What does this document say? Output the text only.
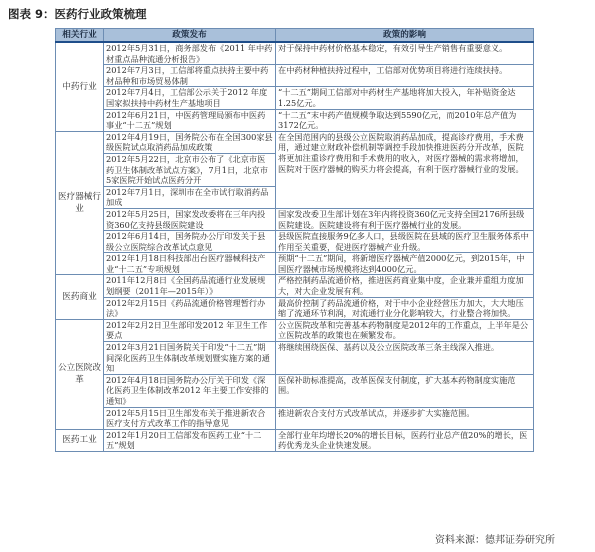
图表 9：医药行业政策梳理
相关行业	政策发布	政策的影响
中药行业	2012年5月31日，商务部发布《2011 年中药材重点品种流通分析报告》	对于保持中药材价格基本稳定，有效引导生产销售有重要意义。
	2012年7月3日，工信部将重点扶持主要中药材品种和市场贸易体制	在中药材种植扶持过程中，工信部对优势项目将进行连续扶持。
	2012年7月4日，工信部公示关于2012 年度国家拟扶持中药材生产基地项目	“十二五”期间工信部对中药材生产基地将加大投入，年补贴资金达1.25亿元。
	2012年6月21日，中医药管理局颁布中医药事业“十二五”规划	“十二五”末中药产值规模争取达到5590亿元，而2010年总产值为3172亿元。
医疗器械行业	2012年4月19日，国务院公布在全国300家县级医院试点取消药品加成政策	在全国范围内的县级公立医院取消药品加成，提高诊疗费用，手术费用，通过建立财政补偿机制等调控手段加快推进医药分开改革，医院将更加注重诊疗费用和手术费用的收入，对医疗器械的需求将增加，医院对于医疗器械的购买力将会提高，有利于医疗器械行业的发展。
	2012年5月22日，北京市公布了《北京市医药卫生体制改革试点方案》，7月1日，北京市5家医院开始试点医药分开	
	2012年7月1日，深圳市在全市试行取消药品加成	
	2012年5月25日，国家发改委将在三年内投资360亿支持县级医院建设	国家发改委卫生部计划在3年内将投资360亿元支持全国2176所县级医院建设。医院建设将有利于医疗器械行业的发展。
	2012年6月14日，国务院办公厅印发关于县级公立医院综合改革试点意见	县级医院直接服务9亿多人口，县级医院在县域的医疗卫生服务体系中作用至关重要，促进医疗器械产业升级。
	2012年1月18日科技部出台医疗器械科技产业“十二五”专项规划	预期“十二五”期间，将新增医疗器械产值2000亿元，到2015年，中国医疗器械市场规模将达到4000亿元。
医药商业	2011年12月8日《全国药品流通行业发展规划纲要（2011年—2015年）》	严格控制药品流通价格，推进医药商业集中度，企业兼并重组力度加大，对大企业发展有利。
	2012年2月15日《药品流通价格管理暂行办法》	最高价控制了药品流通价格，对于中小企业经营压力加大，大大地压缩了流通环节利润，对流通行业分化影响较大，行业整合将加快。
公立医院改革	2012年2月2日卫生部印发2012 年卫生工作要点	公立医院改革和完善基本药物制度是2012年的工作重点，上半年是公立医院改革的政策也在频繁发布。
	2012年3月21日国务院关于印发“十二五”期间深化医药卫生体制改革规划暨实施方案的通知	将继续围绕医保、基药以及公立医院改革三条主线深入推进。
	2012年4月18日国务院办公厅关于印发《深化医药卫生体制改革2012 年主要工作安排的通知》	医保补助标准提高，改革医保支付制度，扩大基本药物制度实施范围。
	2012年5月15日卫生部发布关于推进新农合医疗支付方式改革工作的指导意见	推进新农合支付方式改革试点，并逐步扩大实施范围。
医药工业	2012年1月20日工信部发布医药工业“十二五”规划	全部行业年均增长20%的增长目标，医药行业总产值20%的增长，医药优秀龙头企业快速发展。
资料来源：德邦证券研究所
